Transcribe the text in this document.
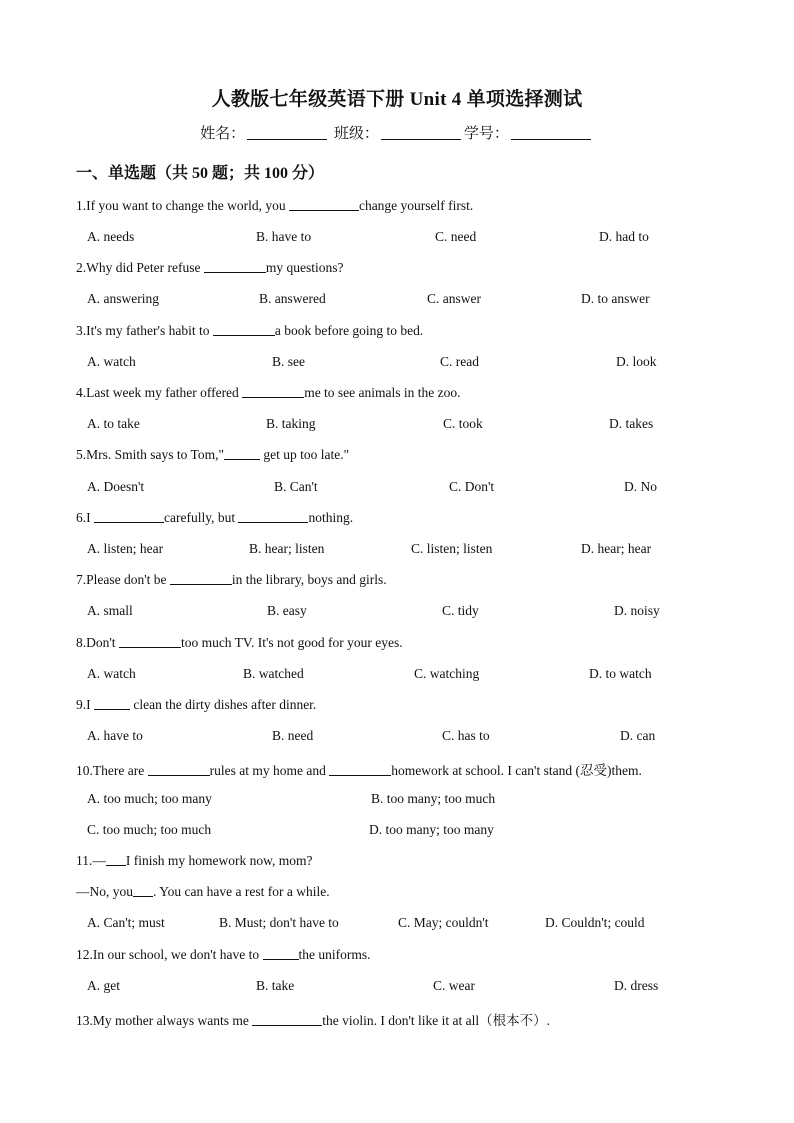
人教版七年级英语下册 Unit 4 单项选择测试
姓名：	班级：	学号：
一、单选题（共 50 题；共 100 分）
1.If you want to change the world, you	change yourself first.
A. needs	B. have to	C. need	D. had to
2.Why did Peter refuse	my questions?
A. answering	B. answered	C. answer	D. to answer
3.It's my father's habit to	a book before going to bed.
A. watch	B. see	C. read	D. look
4.Last week my father offered	me to see animals in the zoo.
A. to take	B. taking	C. took	D. takes
5.Mrs. Smith says to Tom,"	get up too late."
A. Doesn't	B. Can't	C. Don't	D. No
6.I	carefully, but	nothing.
A. listen; hear	B. hear; listen	C. listen; listen	D. hear; hear
7.Please don't be	in the library, boys and girls.
A. small	B. easy	C. tidy	D. noisy
8.Don't	too much TV. It's not good for your eyes.
A. watch	B. watched	C. watching	D. to watch
9.I	clean the dirty dishes after dinner.
A. have to	B. need	C. has to	D. can
10.There are	rules at my home and	homework at school. I can't stand (忍受)them.
A. too much; too many	B. too many; too much
C. too much; too much	D. too many; too many
11.— I finish my homework now, mom?
—No, you . You can have a rest for a while.
A. Can't; must	B. Must; don't have to	C. May; couldn't	D. Couldn't; could
12.In our school, we don't have to	the uniforms.
A. get	B. take	C. wear	D. dress
13.My mother always wants me	the violin. I don't like it at all（根本不）.
